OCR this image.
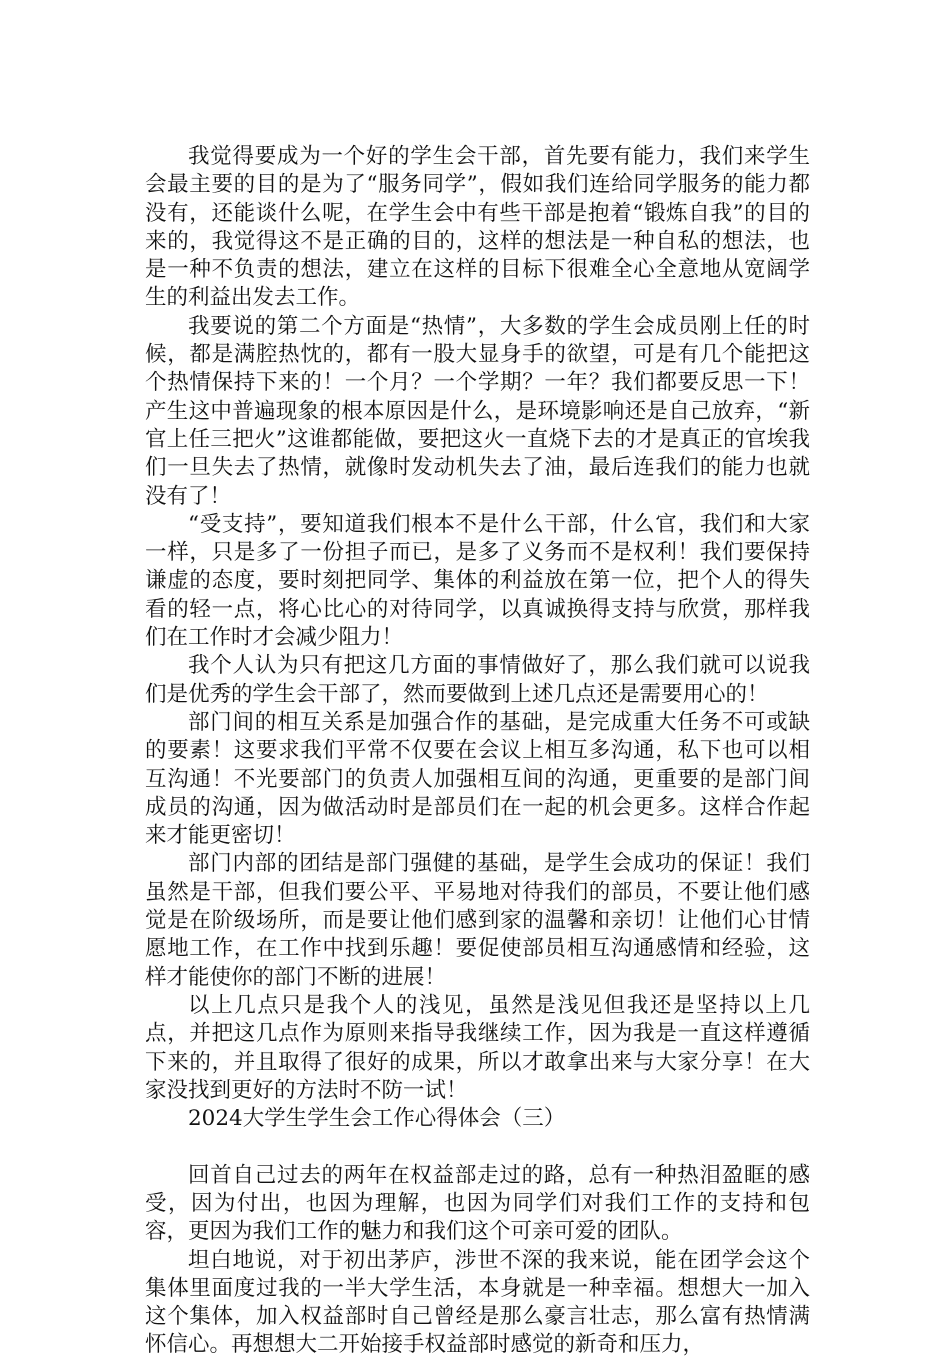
我觉得要成为一个好的学生会干部，首先要有能力，我们来学生会最主要的目的是为了“服务同学”，假如我们连给同学服务的能力都没有，还能谈什么呢，在学生会中有些干部是抱着“锻炼自我”的目的来的，我觉得这不是正确的目的，这样的想法是一种自私的想法，也是一种不负责的想法，建立在这样的目标下很难全心全意地从宽阔学生的利益出发去工作。

我要说的第二个方面是“热情”，大多数的学生会成员刚上任的时候，都是满腔热忱的，都有一股大显身手的欲望，可是有几个能把这个热情保持下来的！一个月？一个学期？一年？我们都要反思一下！产生这中普遍现象的根本原因是什么，是环境影响还是自己放弃，“新官上任三把火”这谁都能做，要把这火一直烧下去的才是真正的官埃我们一旦失去了热情，就像时发动机失去了油，最后连我们的能力也就没有了！

“受支持”，要知道我们根本不是什么干部，什么官，我们和大家一样，只是多了一份担子而已，是多了义务而不是权利！我们要保持谦虚的态度，要时刻把同学、集体的利益放在第一位，把个人的得失看的轻一点，将心比心的对待同学，以真诚换得支持与欣赏，那样我们在工作时才会减少阻力！

我个人认为只有把这几方面的事情做好了，那么我们就可以说我们是优秀的学生会干部了，然而要做到上述几点还是需要用心的！

部门间的相互关系是加强合作的基础，是完成重大任务不可或缺的要素！这要求我们平常不仅要在会议上相互多沟通，私下也可以相互沟通！不光要部门的负责人加强相互间的沟通，更重要的是部门间成员的沟通，因为做活动时是部员们在一起的机会更多。这样合作起来才能更密切！

部门内部的团结是部门强健的基础，是学生会成功的保证！我们虽然是干部，但我们要公平、平易地对待我们的部员，不要让他们感觉是在阶级场所，而是要让他们感到家的温馨和亲切！让他们心甘情愿地工作，在工作中找到乐趣！要促使部员相互沟通感情和经验，这样才能使你的部门不断的进展！

以上几点只是我个人的浅见，虽然是浅见但我还是坚持以上几点，并把这几点作为原则来指导我继续工作，因为我是一直这样遵循下来的，并且取得了很好的成果，所以才敢拿出来与大家分享！在大家没找到更好的方法时不防一试！

2024大学生学生会工作心得体会（三）

回首自己过去的两年在权益部走过的路，总有一种热泪盈眶的感受，因为付出，也因为理解，也因为同学们对我们工作的支持和包容，更因为我们工作的魅力和我们这个可亲可爱的团队。

坦白地说，对于初出茅庐，涉世不深的我来说，能在团学会这个集体里面度过我的一半大学生活，本身就是一种幸福。想想大一加入这个集体，加入权益部时自己曾经是那么豪言壮志，那么富有热情满怀信心。再想想大二开始接手权益部时感觉的新奇和压力，
